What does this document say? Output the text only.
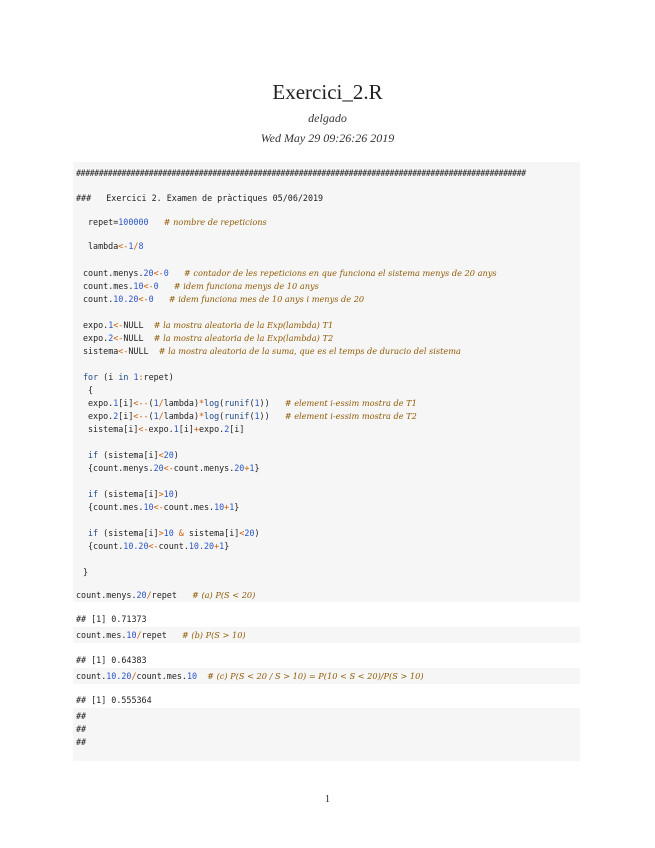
Exercici_2.R
delgado
Wed May 29 09:26:26 2019
###################################################################################################
###   Exercici 2. Examen de pràctiques 05/06/2019
repet=100000 # nombre de repeticions
lambda<-1/8
count.menys.20<-0 # contador de les repeticions en que funciona el sistema menys de 20 anys
count.mes.10<-0 # idem funciona menys de 10 anys
count.10.20<-0 # idem funciona mes de 10 anys i menys de 20
expo.1<-NULL  # la mostra aleatoria de la Exp(lambda) T1
expo.2<-NULL  # la mostra aleatoria de la Exp(lambda) T2
sistema<-NULL  # la mostra aleatoria de la suma, que es el temps de duracio del sistema
for (i in 1:repet)
{
expo.1[i]<--(1/lambda)*log(runif(1))   # element i-essim mostra de T1
expo.2[i]<--(1/lambda)*log(runif(1))   # element i-essim mostra de T2
sistema[i]<-expo.1[i]+expo.2[i]
if (sistema[i]<20)
{count.menys.20<-count.menys.20+1}
if (sistema[i]>10)
{count.mes.10<-count.mes.10+1}
if (sistema[i]>10 & sistema[i]<20)
{count.10.20<-count.10.20+1}
}
count.menys.20/repet   # (a) P(S < 20)
## [1] 0.71373
count.mes.10/repet   # (b) P(S > 10)
## [1] 0.64383
count.10.20/count.mes.10 # (c) P(S < 20 / S > 10) = P(10 < S < 20)/P(S > 10)
## [1] 0.555364
##
##
##
1
